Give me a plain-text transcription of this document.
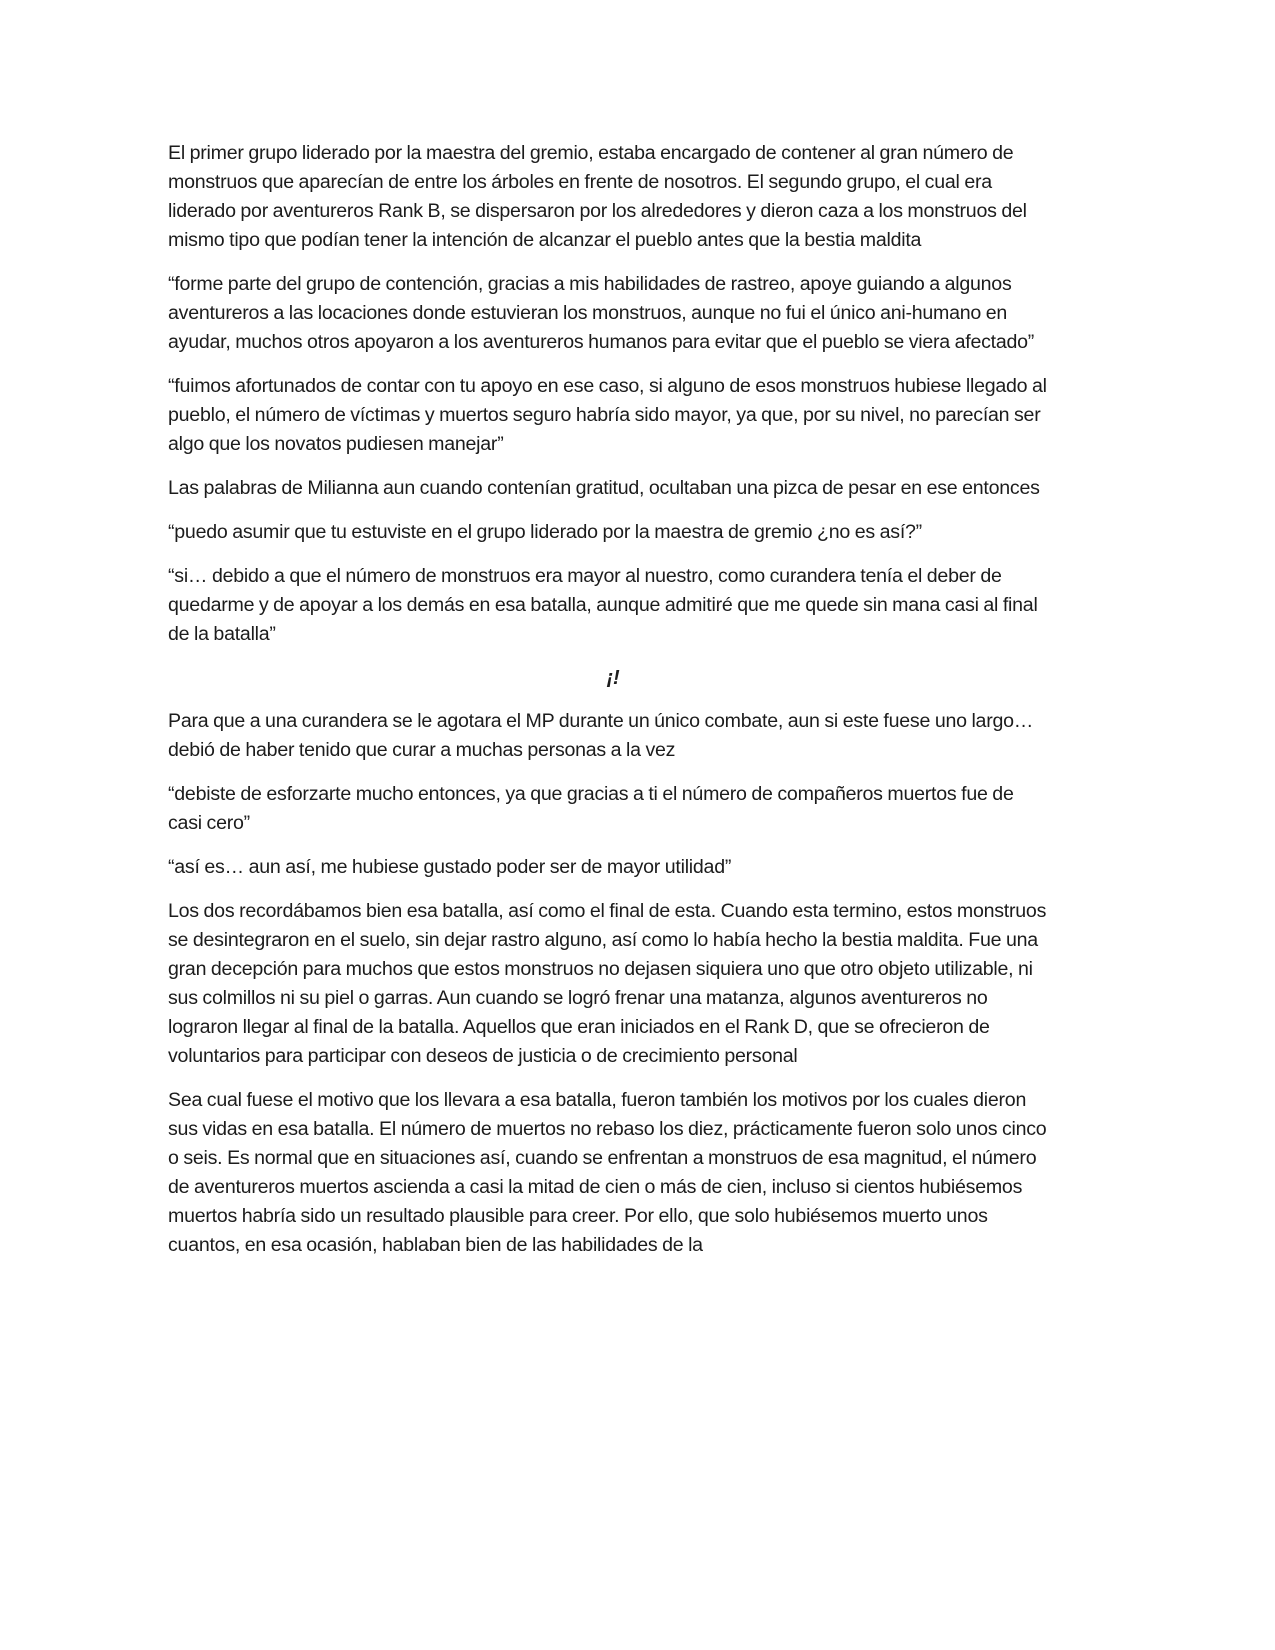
El primer grupo liderado por la maestra del gremio, estaba encargado de contener al gran número de monstruos que aparecían de entre los árboles en frente de nosotros. El segundo grupo, el cual era liderado por aventureros Rank B, se dispersaron por los alrededores y dieron caza a los monstruos del mismo tipo que podían tener la intención de alcanzar el pueblo antes que la bestia maldita

“forme parte del grupo de contención, gracias a mis habilidades de rastreo, apoye guiando a algunos aventureros a las locaciones donde estuvieran los monstruos, aunque no fui el único ani-humano en ayudar, muchos otros apoyaron a los aventureros humanos para evitar que el pueblo se viera afectado”

“fuimos afortunados de contar con tu apoyo en ese caso, si alguno de esos monstruos hubiese llegado al pueblo, el número de víctimas y muertos seguro habría sido mayor, ya que, por su nivel, no parecían ser algo que los novatos pudiesen manejar”

Las palabras de Milianna aun cuando contenían gratitud, ocultaban una pizca de pesar en ese entonces

“puedo asumir que tu estuviste en el grupo liderado por la maestra de gremio ¿no es así?”

“si… debido a que el número de monstruos era mayor al nuestro, como curandera tenía el deber de quedarme y de apoyar a los demás en esa batalla, aunque admitiré que me quede sin mana casi al final de la batalla”

¡!

Para que a una curandera se le agotara el MP durante un único combate, aun si este fuese uno largo… debió de haber tenido que curar a muchas personas a la vez

“debiste de esforzarte mucho entonces, ya que gracias a ti el número de compañeros muertos fue de casi cero”

“así es… aun así, me hubiese gustado poder ser de mayor utilidad”

Los dos recordábamos bien esa batalla, así como el final de esta. Cuando esta termino, estos monstruos se desintegraron en el suelo, sin dejar rastro alguno, así como lo había hecho la bestia maldita. Fue una gran decepción para muchos que estos monstruos no dejasen siquiera uno que otro objeto utilizable, ni sus colmillos ni su piel o garras. Aun cuando se logró frenar una matanza, algunos aventureros no lograron llegar al final de la batalla. Aquellos que eran iniciados en el Rank D, que se ofrecieron de voluntarios para participar con deseos de justicia o de crecimiento personal

Sea cual fuese el motivo que los llevara a esa batalla, fueron también los motivos por los cuales dieron sus vidas en esa batalla. El número de muertos no rebaso los diez, prácticamente fueron solo unos cinco o seis. Es normal que en situaciones así, cuando se enfrentan a monstruos de esa magnitud, el número de aventureros muertos ascienda a casi la mitad de cien o más de cien, incluso si cientos hubiésemos muertos habría sido un resultado plausible para creer. Por ello, que solo hubiésemos muerto unos cuantos, en esa ocasión, hablaban bien de las habilidades de la
